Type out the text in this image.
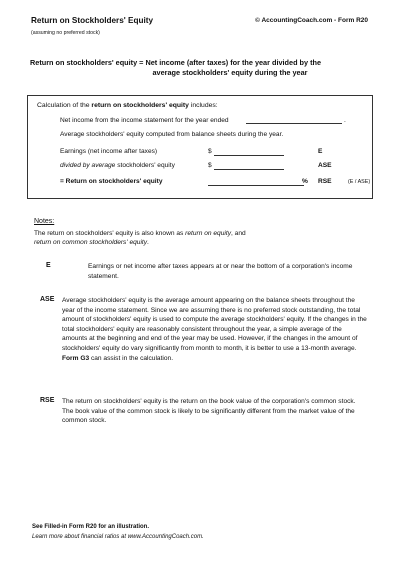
Return on Stockholders' Equity
(assuming no preferred stock)
© AccountingCoach.com - Form R20
Return on stockholders' equity = Net income (after taxes) for the year divided by the
average stockholders' equity during the year
Calculation of the return on stockholders' equity includes:
Net income from the income statement for the year ended	.
Average stockholders' equity computed from balance sheets during the year.
Earnings (net income after taxes)	$	E
divided by average stockholders' equity	$	ASE
= Return on stockholders' equity	% RSE	(E / ASE)
Notes:
The return on stockholders' equity is also known as return on equity, and
return on common stockholders' equity.
E	Earnings or net income after taxes appears at or near the bottom of a corporation's income statement.
ASE Average stockholders' equity is the average amount appearing on the balance sheets throughout the year of the income statement. Since we are assuming there is no preferred stock outstanding, the total amount of stockholders' equity is used to compute the average stockholders' equity. If the changes in the total stockholders' equity are reasonably consistent throughout the year, a simple average of the amounts at the beginning and end of the year may be used. However, if the changes in the amount of stockholders' equity do vary significantly from month to month, it is better to use a 13-month average. Form G3 can assist in the calculation.
RSE The return on stockholders' equity is the return on the book value of the corporation's common stock. The book value of the common stock is likely to be significantly different from the market value of the common stock.
See Filled-in Form R20 for an illustration.
Learn more about financial ratios at www.AccountingCoach.com.
